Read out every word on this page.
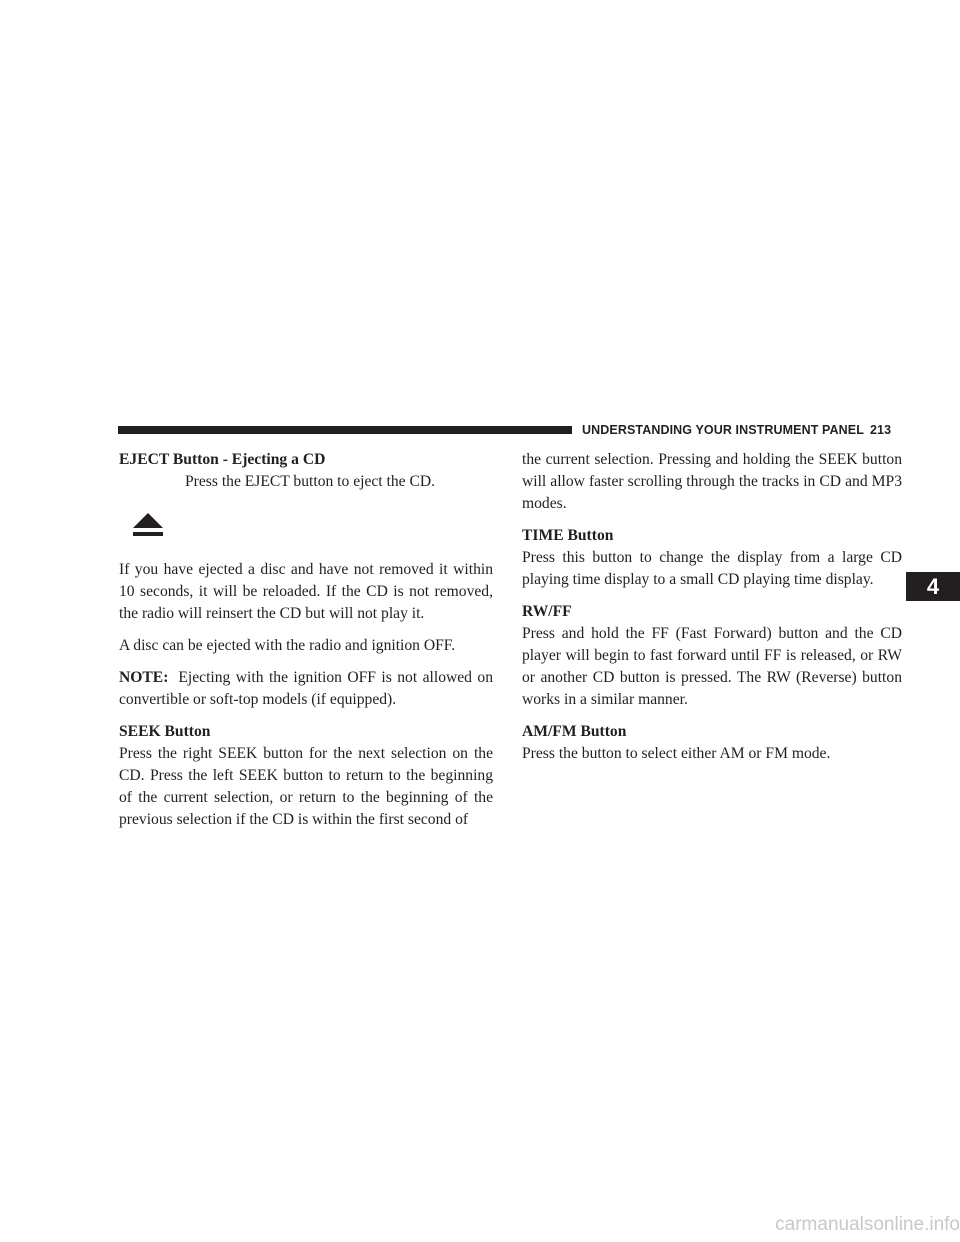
UNDERSTANDING YOUR INSTRUMENT PANEL 213
4
EJECT Button - Ejecting a CD
Press the EJECT button to eject the CD.

If you have ejected a disc and have not removed it within 10 seconds, it will be reloaded. If the CD is not removed, the radio will reinsert the CD but will not play it.

A disc can be ejected with the radio and ignition OFF.

NOTE: Ejecting with the ignition OFF is not allowed on convertible or soft-top models (if equipped).

SEEK Button

Press the right SEEK button for the next selection on the CD. Press the left SEEK button to return to the beginning of the current selection, or return to the beginning of the previous selection if the CD is within the first second of

the current selection. Pressing and holding the SEEK button will allow faster scrolling through the tracks in CD and MP3 modes.

TIME Button

Press this button to change the display from a large CD playing time display to a small CD playing time display.

RW/FF

Press and hold the FF (Fast Forward) button and the CD player will begin to fast forward until FF is released, or RW or another CD button is pressed. The RW (Reverse) button works in a similar manner.

AM/FM Button

Press the button to select either AM or FM mode.

carmanualsonline.info
